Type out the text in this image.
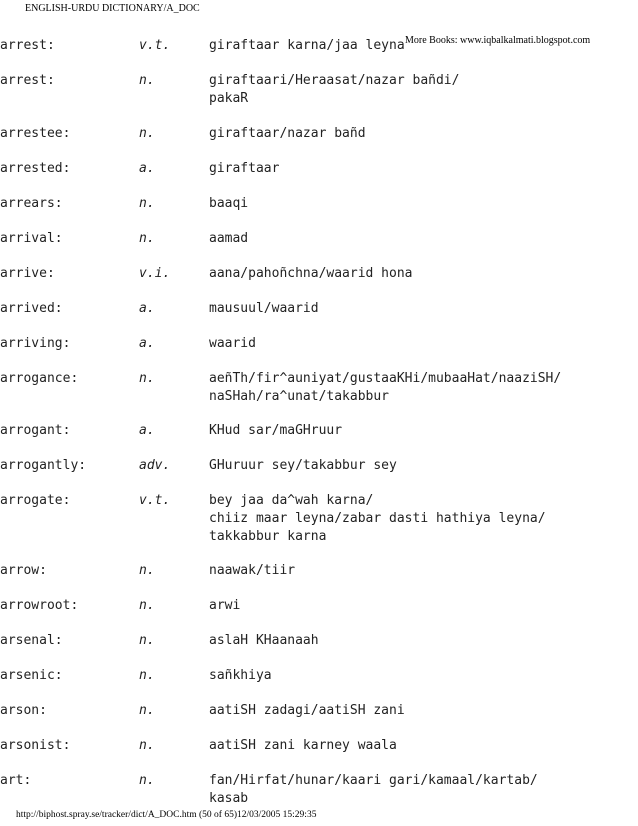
ENGLISH-URDU DICTIONARY/A_DOC
arrest:	v.t.	giraftaar karna/jaa leyna
arrest:	n.	giraftaari/Heraasat/nazar bañdi/
pakaR
arrestee:	n.	giraftaar/nazar bañd
arrested:	a.	giraftaar
arrears:	n.	baaqi
arrival:	n.	aamad
arrive:	v.i.	aana/pahoñchna/waarid hona
arrived:	a.	mausuul/waarid
arriving:	a.	waarid
arrogance:	n.	aeñTh/fir^auniyat/gustaaKHi/mubaaHat/naaziSH/
naSHah/ra^unat/takabbur
arrogant:	a.	KHud sar/maGHruur
arrogantly:	adv.	GHuruur sey/takabbur sey
arrogate:	v.t.	bey jaa da^wah karna/
chiiz maar leyna/zabar dasti hathiya leyna/
takkabbur karna
arrow:	n.	naawak/tiir
arrowroot:	n.	arwi
arsenal:	n.	aslaH KHaanaah
arsenic:	n.	sañkhiya
arson:	n.	aatiSH zadagi/aatiSH zani
arsonist:	n.	aatiSH zani karney waala
art:	n.	fan/Hirfat/hunar/kaari gari/kamaal/kartab/
kasab
More Books: www.iqbalkalmati.blogspot.com
http://biphost.spray.se/tracker/dict/A_DOC.htm (50 of 65)12/03/2005 15:29:35
